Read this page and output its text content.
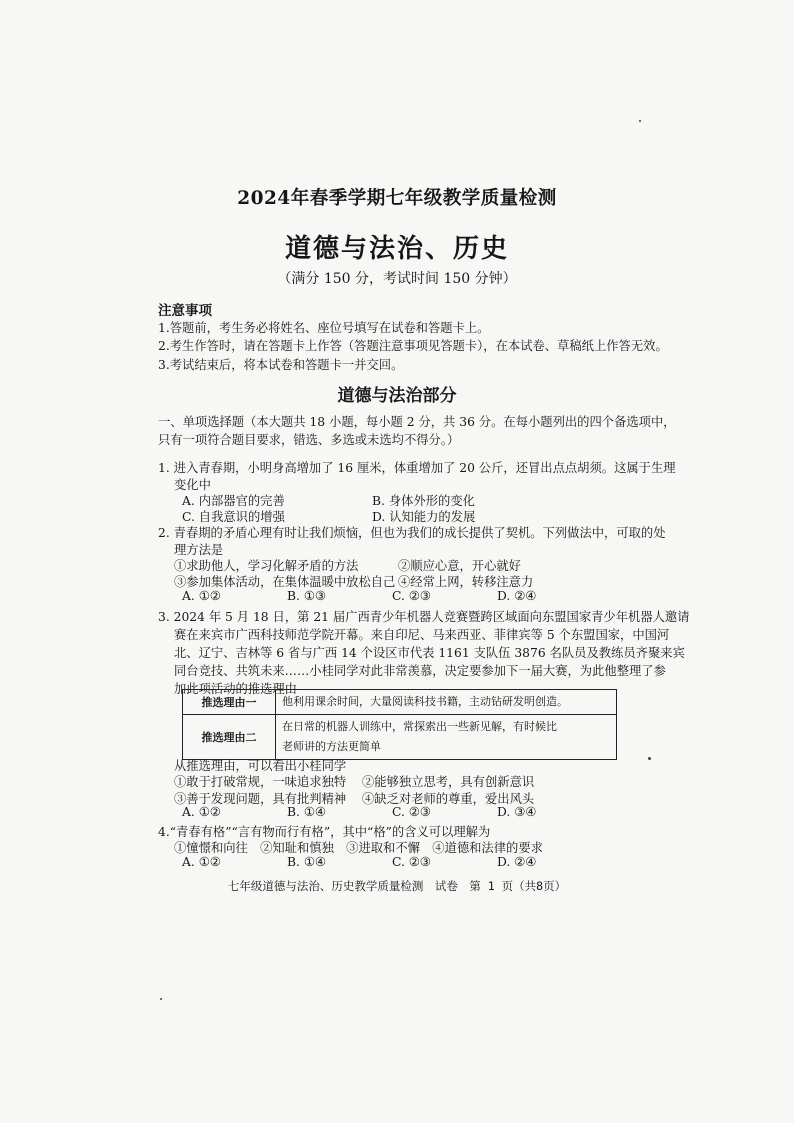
2024年春季学期七年级教学质量检测
道德与法治、历史
（满分 150 分，考试时间 150 分钟）
注意事项
1.答题前，考生务必将姓名、座位号填写在试卷和答题卡上。
2.考生作答时，请在答题卡上作答（答题注意事项见答题卡），在本试卷、草稿纸上作答无效。
3.考试结束后，将本试卷和答题卡一并交回。
道德与法治部分
一、单项选择题（本大题共 18 小题，每小题 2 分，共 36 分。在每小题列出的四个备选项中，
只有一项符合题目要求，错选、多选或未选均不得分。）
1. 进入青春期，小明身高增加了 16 厘米，体重增加了 20 公斤，还冒出点点胡须。这属于生理
变化中
A. 内部器官的完善	B. 身体外形的变化
C. 自我意识的增强	D. 认知能力的发展
2. 青春期的矛盾心理有时让我们烦恼，但也为我们的成长提供了契机。下列做法中，可取的处
理方法是
①求助他人，学习化解矛盾的方法	②顺应心意，开心就好
③参加集体活动，在集体温暖中放松自己 ④经常上网，转移注意力
A. ①②	B. ①③	C. ②③	D. ②④
3. 2024 年 5 月 18 日，第 21 届广西青少年机器人竞赛暨跨区域面向东盟国家青少年机器人邀请
赛在来宾市广西科技师范学院开幕。来自印尼、马来西亚、菲律宾等 5 个东盟国家，中国河
北、辽宁、吉林等 6 省与广西 14 个设区市代表 1161 支队伍 3876 名队员及教练员齐聚来宾
同台竞技、共筑未来……小桂同学对此非常羡慕，决定要参加下一届大赛，为此他整理了参
加此项活动的推选理由
推选理由一	他利用课余时间，大量阅读科技书籍，主动钻研发明创造。
推选理由二	在日常的机器人训练中，常探索出一些新见解，有时候比
老师讲的方法更简单
从推选理由，可以看出小桂同学
①敢于打破常规，一味追求独特 ②能够独立思考，具有创新意识
③善于发现问题，具有批判精神 ④缺乏对老师的尊重，爱出风头
A. ①②	B. ①④	C. ②③	D. ③④
4.“青春有格”“言有物而行有格”，其中“格”的含义可以理解为
①憧憬和向往　②知耻和慎独　③进取和不懈　④道德和法律的要求
A. ①②	B. ①④	C. ②③	D. ②④
七年级道德与法治、历史教学质量检测　试卷　第 1 页（共8页）
